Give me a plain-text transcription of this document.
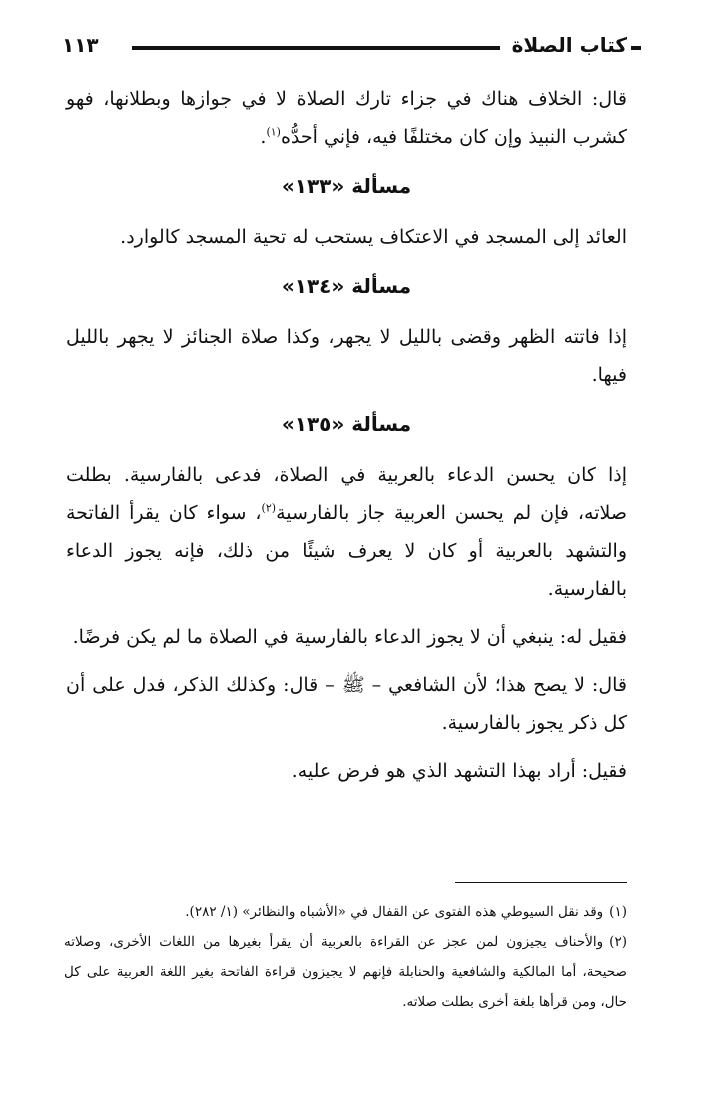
كتاب الصلاة
١١٣

قال: الخلاف هناك في جزاء تارك الصلاة لا في جوازها وبطلانها، فهو كشرب النبيذ وإن كان مختلفًا فيه، فإني أحدُّه$^{(١)}$.

مسألة «١٣٣»

العائد إلى المسجد في الاعتكاف يستحب له تحية المسجد كالوارد.

مسألة «١٣٤»

إذا فاتته الظهر وقضى بالليل لا يجهر، وكذا صلاة الجنائز لا يجهر بالليل فيها.

مسألة «١٣٥»

إذا كان يحسن الدعاء بالعربية في الصلاة، فدعى بالفارسية. بطلت صلاته، فإن لم يحسن العربية جاز بالفارسية$^{(٢)}$، سواء كان يقرأ الفاتحة والتشهد بالعربية أو كان لا يعرف شيئًا من ذلك، فإنه يجوز الدعاء بالفارسية.

فقيل له: ينبغي أن لا يجوز الدعاء بالفارسية في الصلاة ما لم يكن فرضًا.

قال: لا يصح هذا؛ لأن الشافعي – ﷺ – قال: وكذلك الذكر، فدل على أن كل ذكر يجوز بالفارسية.

فقيل: أراد بهذا التشهد الذي هو فرض عليه.

(١)وقد نقل السيوطي هذه الفتوى عن القفال في «الأشباه والنظائر» (١/ ٢٨٢).

(٢)والأحناف يجيزون لمن عجز عن القراءة بالعربية أن يقرأ بغيرها من اللغات الأخرى، وصلاته صحيحة، أما المالكية والشافعية والحنابلة فإنهم لا يجيزون قراءة الفاتحة بغير اللغة العربية على كل حال، ومن قرأها بلغة أخرى بطلت صلاته.
